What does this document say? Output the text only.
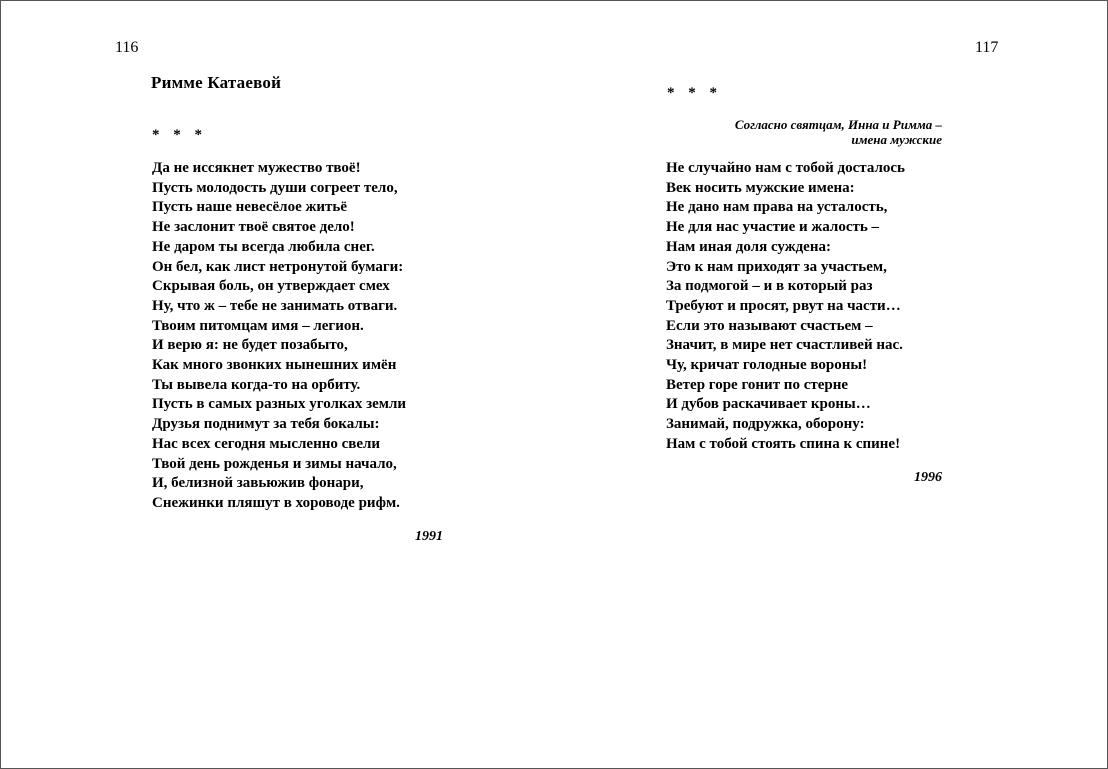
116
Римме Катаевой
* * *
Да не иссякнет мужество твоё!
Пусть молодость души согреет тело,
Пусть наше невесёлое житьё
Не заслонит твоё святое дело!
Не даром ты всегда любила снег.
Он бел, как лист нетронутой бумаги:
Скрывая боль, он утверждает смех
Ну, что ж – тебе не занимать отваги.
Твоим питомцам имя – легион.
И верю я: не будет позабыто,
Как много звонких нынешних имён
Ты вывела когда-то на орбиту.
Пусть в самых разных уголках земли
Друзья поднимут за тебя бокалы:
Нас всех сегодня мысленно свели
Твой день рожденья и зимы начало,
И, белизной завьюжив фонари,
Снежинки пляшут в хороводе рифм.
1991
117
* * *
Согласно святцам, Инна и Римма –
имена мужские
Не случайно нам с тобой досталось
Век носить мужские имена:
Не дано нам права на усталость,
Не для нас участие и жалость –
Нам иная доля суждена:
Это к нам приходят за участьем,
За подмогой – и в который раз
Требуют и просят, рвут на части…
Если это называют счастьем –
Значит, в мире нет счастливей нас.
Чу, кричат голодные вороны!
Ветер горе гонит по стерне
И дубов раскачивает кроны…
Занимай, подружка, оборону:
Нам с тобой стоять спина к спине!
1996
